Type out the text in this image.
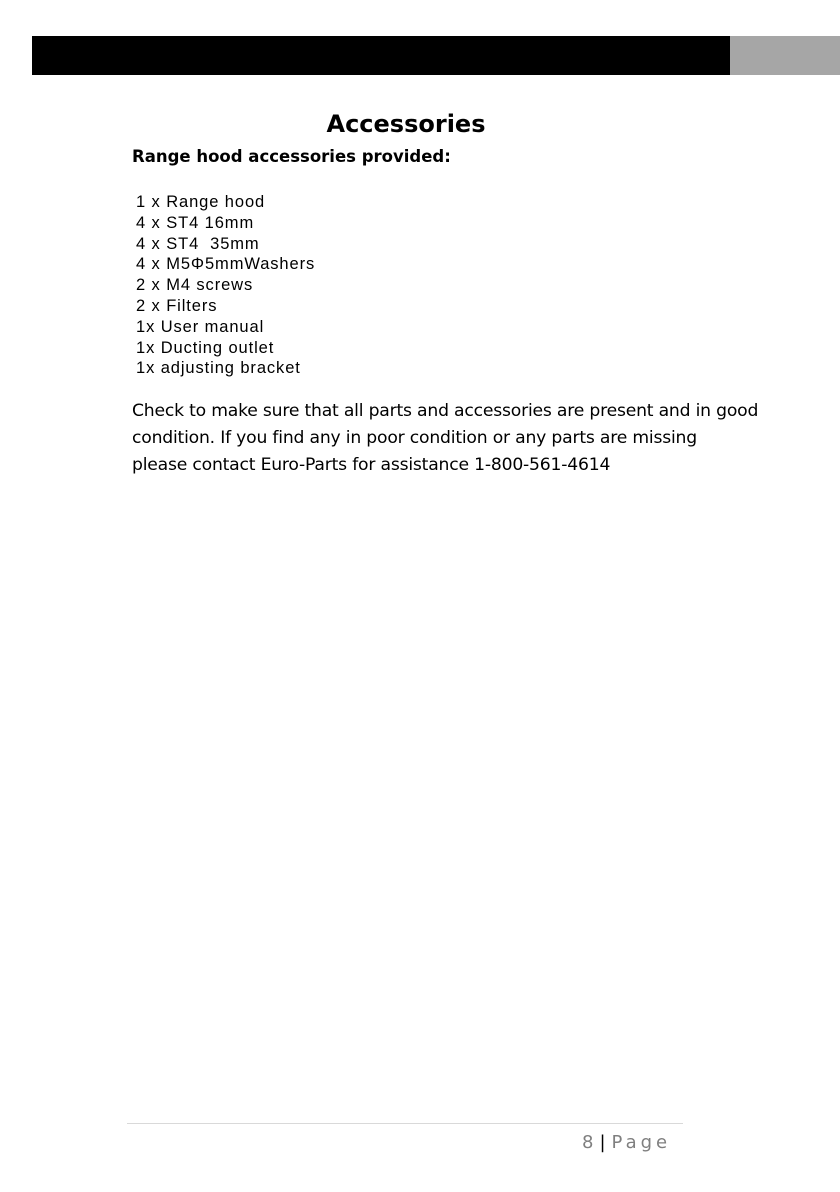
Accessories
Range hood accessories provided:
1 x Range hood
4 x ST4 16mm
4 x ST4  35mm
4 x M5Φ5mmWashers
2 x M4 screws
2 x Filters
1x User manual
1x Ducting outlet
1x adjusting bracket

Check to make sure that all parts and accessories are present and in good
condition. If you find any in poor condition or any parts are missing
please contact Euro-Parts for assistance 1-800-561-4614

8 | Page
